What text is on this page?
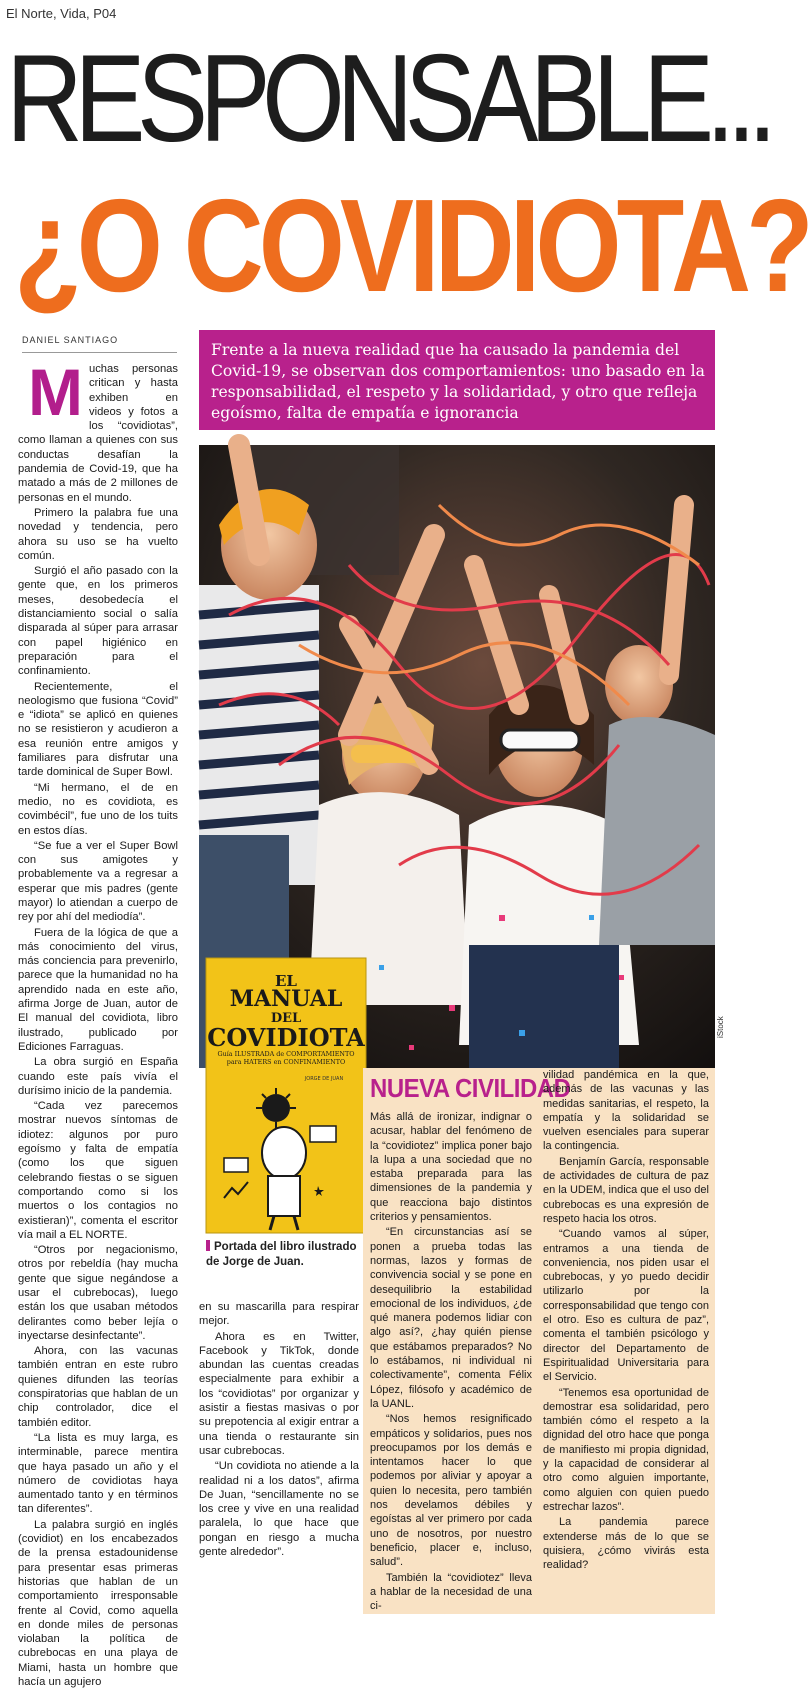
El Norte, Vida, P04
RESPONSABLE...
¿O COVIDIOTA?
DANIEL SANTIAGO

Muchas personas critican y hasta exhiben en videos y fotos a los “covidiotas”, como llaman a quienes con sus conductas desafían la pandemia de Covid-19, que ha matado a más de 2 millones de personas en el mundo.

Primero la palabra fue una novedad y tendencia, pero ahora su uso se ha vuelto común.

Surgió el año pasado con la gente que, en los primeros meses, desobedecía el distanciamiento social o salía disparada al súper para arrasar con papel higiénico en preparación para el confinamiento.

Recientemente, el neologismo que fusiona “Covid” e “idiota” se aplicó en quienes no se resistieron y acudieron a esa reunión entre amigos y familiares para disfrutar una tarde dominical de Super Bowl.

“Mi hermano, el de en medio, no es covidiota, es covimbécil”, fue uno de los tuits en estos días.

“Se fue a ver el Super Bowl con sus amigotes y probablemente va a regresar a esperar que mis padres (gente mayor) lo atiendan a cuerpo de rey por ahí del mediodía”.

Fuera de la lógica de que a más conocimiento del virus, más conciencia para prevenirlo, parece que la humanidad no ha aprendido nada en este año, afirma Jorge de Juan, autor de El manual del covidiota, libro ilustrado, publicado por Ediciones Farraguas.

La obra surgió en España cuando este país vivía el durísimo inicio de la pandemia.

“Cada vez parecemos mostrar nuevos síntomas de idiotez: algunos por puro egoísmo y falta de empatía (como los que siguen celebrando fiestas o se siguen comportando como si los muertos o los contagios no existieran)”, comenta el escritor vía mail a EL NORTE.

“Otros por negacionismo, otros por rebeldía (hay mucha gente que sigue negándose a usar el cubrebocas), luego están los que usaban métodos delirantes como beber lejía o inyectarse desinfectante”.

Ahora, con las vacunas también entran en este rubro quienes difunden las teorías conspiratorias que hablan de un chip controlador, dice el también editor.

“La lista es muy larga, es interminable, parece mentira que haya pasado un año y el número de covidiotas haya aumentado tanto y en términos tan diferentes”.

La palabra surgió en inglés (covidiot) en los encabezados de la prensa estadounidense para presentar esas primeras historias que hablan de un comportamiento irresponsable frente al Covid, como aquella en donde miles de personas violaban la política de cubrebocas en una playa de Miami, hasta un hombre que hacía un agujero

Frente a la nueva realidad que ha causado la pandemia del Covid-19, se observan dos comportamientos: uno basado en la responsabilidad, el respeto y la solidaridad, y otro que refleja egoísmo, falta de empatía e ignorancia
iStock
EL
MANUAL
DEL
COVIDIOTA
Guía ILUSTRADA de COMPORTAMIENTO para HATERS en CONFINAMIENTO
JORGE DE JUAN
Portada del libro ilustrado de Jorge de Juan.

en su mascarilla para respirar mejor.

Ahora es en Twitter, Facebook y TikTok, donde abundan las cuentas creadas especialmente para exhibir a los “covidiotas” por organizar y asistir a fiestas masivas o por su prepotencia al exigir entrar a una tienda o restaurante sin usar cubrebocas.

“Un covidiota no atiende a la realidad ni a los datos”, afirma De Juan, “sencillamente no se los cree y vive en una realidad paralela, lo que hace que pongan en riesgo a mucha gente alrededor”.

NUEVA CIVILIDAD

Más allá de ironizar, indignar o acusar, hablar del fenómeno de la “covidiotez” implica poner bajo la lupa a una sociedad que no estaba preparada para las dimensiones de la pandemia y que reacciona bajo distintos criterios y pensamientos.

“En circunstancias así se ponen a prueba todas las normas, lazos y formas de convivencia social y se pone en desequilibrio la estabilidad emocional de los individuos, ¿de qué manera podemos lidiar con algo así?, ¿hay quién piense que estábamos preparados? No lo estábamos, ni individual ni colectivamente”, comenta Félix López, filósofo y académico de la UANL.

“Nos hemos resignificado empáticos y solidarios, pues nos preocupamos por los demás e intentamos hacer lo que podemos por aliviar y apoyar a quien lo necesita, pero también nos develamos débiles y egoístas al ver primero por cada uno de nosotros, por nuestro beneficio, placer e, incluso, salud”.

También la “covidiotez” lleva a hablar de la necesidad de una ci-

vilidad pandémica en la que, además de las vacunas y las medidas sanitarias, el respeto, la empatía y la solidaridad se vuelven esenciales para superar la contingencia.

Benjamín García, responsable de actividades de cultura de paz en la UDEM, indica que el uso del cubrebocas es una expresión de respeto hacia los otros.

“Cuando vamos al súper, entramos a una tienda de conveniencia, nos piden usar el cubrebocas, y yo puedo decidir utilizarlo por la corresponsabilidad que tengo con el otro. Eso es cultura de paz”, comenta el también psicólogo y director del Departamento de Espiritualidad Universitaria para el Servicio.

“Tenemos esa oportunidad de demostrar esa solidaridad, pero también cómo el respeto a la dignidad del otro hace que ponga de manifiesto mi propia dignidad, y la capacidad de considerar al otro como alguien importante, como alguien con quien puedo estrechar lazos”.

La pandemia parece extenderse más de lo que se quisiera, ¿cómo vivirás esta realidad?
